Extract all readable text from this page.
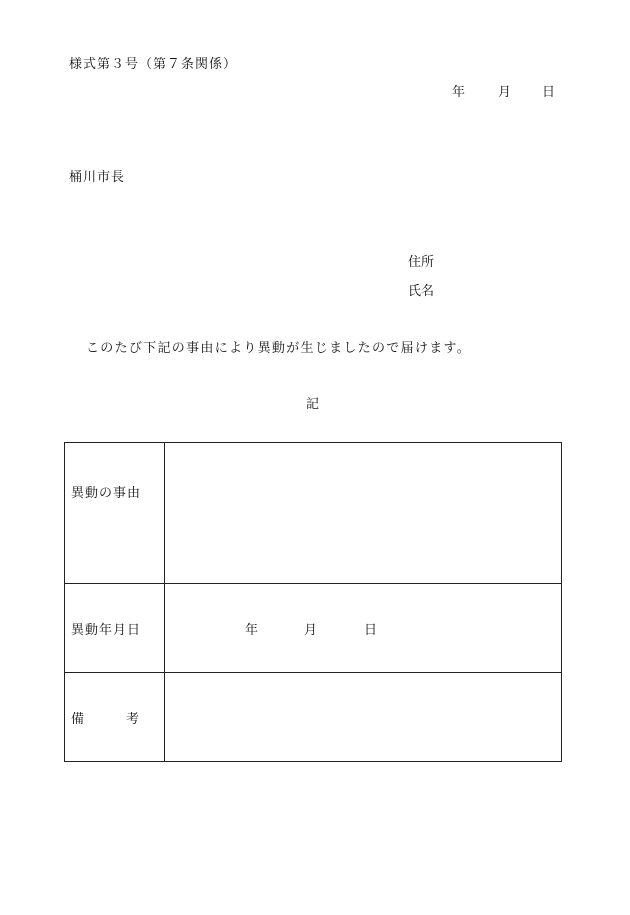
様式第３号（第７条関係）
年	月 日
桶川市長
住所
氏名
このたび下記の事由により異動が生じましたので届けます。
記
異動の事由	

異動年月日	年 月 日

備 考	
